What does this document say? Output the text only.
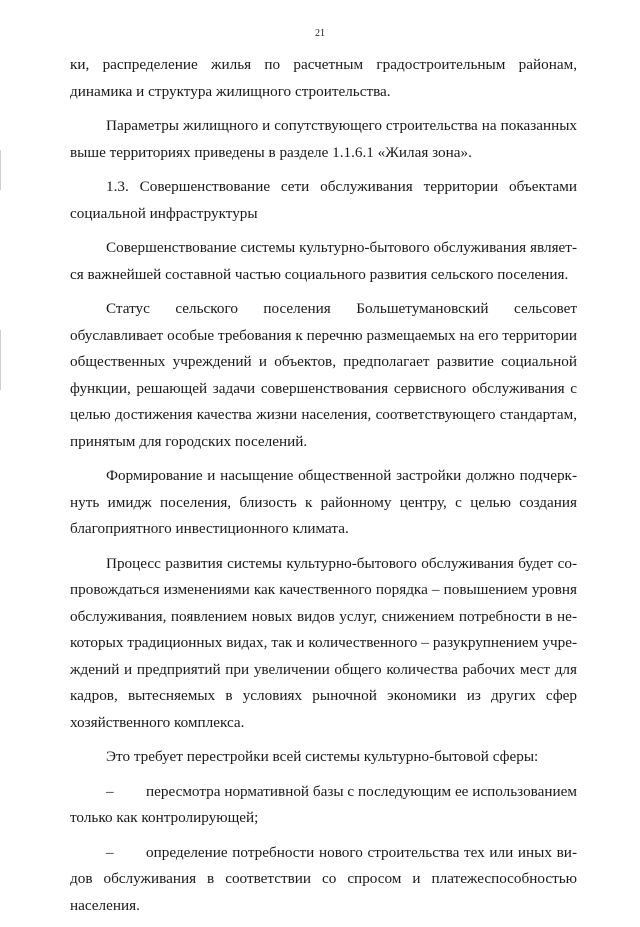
21

ки, распределение жилья по расчетным градостроительным районам, динамика и структура жилищного строительства.

Параметры жилищного и сопутствующего строительства на показанных выше территориях приведены в разделе 1.1.6.1 «Жилая зона».

1.3. Совершенствование сети обслуживания территории объектами социальной инфраструктуры

Совершенствование системы культурно-бытового обслуживания является важнейшей составной частью социального развития сельского поселения.

Статус сельского поселения Большетумановский сельсовет обуславливает особые требования к перечню размещаемых на его территории общественных учреждений и объектов, предполагает развитие социальной функции, решающей задачи совершенствования сервисного обслуживания с целью достижения качества жизни населения, соответствующего стандартам, принятым для городских поселений.

Формирование и насыщение общественной застройки должно подчеркнуть имидж поселения, близость к районному центру, с целью создания благоприятного инвестиционного климата.

Процесс развития системы культурно-бытового обслуживания будет сопровождаться изменениями как качественного порядка – повышением уровня обслуживания, появлением новых видов услуг, снижением потребности в некоторых традиционных видах, так и количественного – разукрупнением учреждений и предприятий при увеличении общего количества рабочих мест для кадров, вытесняемых в условиях рыночной экономики из других сфер хозяйственного комплекса.

Это требует перестройки всей системы культурно-бытовой сферы:

– пересмотра нормативной базы с последующим ее использованием только как контролирующей;

– определение потребности нового строительства тех или иных видов обслуживания в соответствии со спросом и платежеспособностью населения.
